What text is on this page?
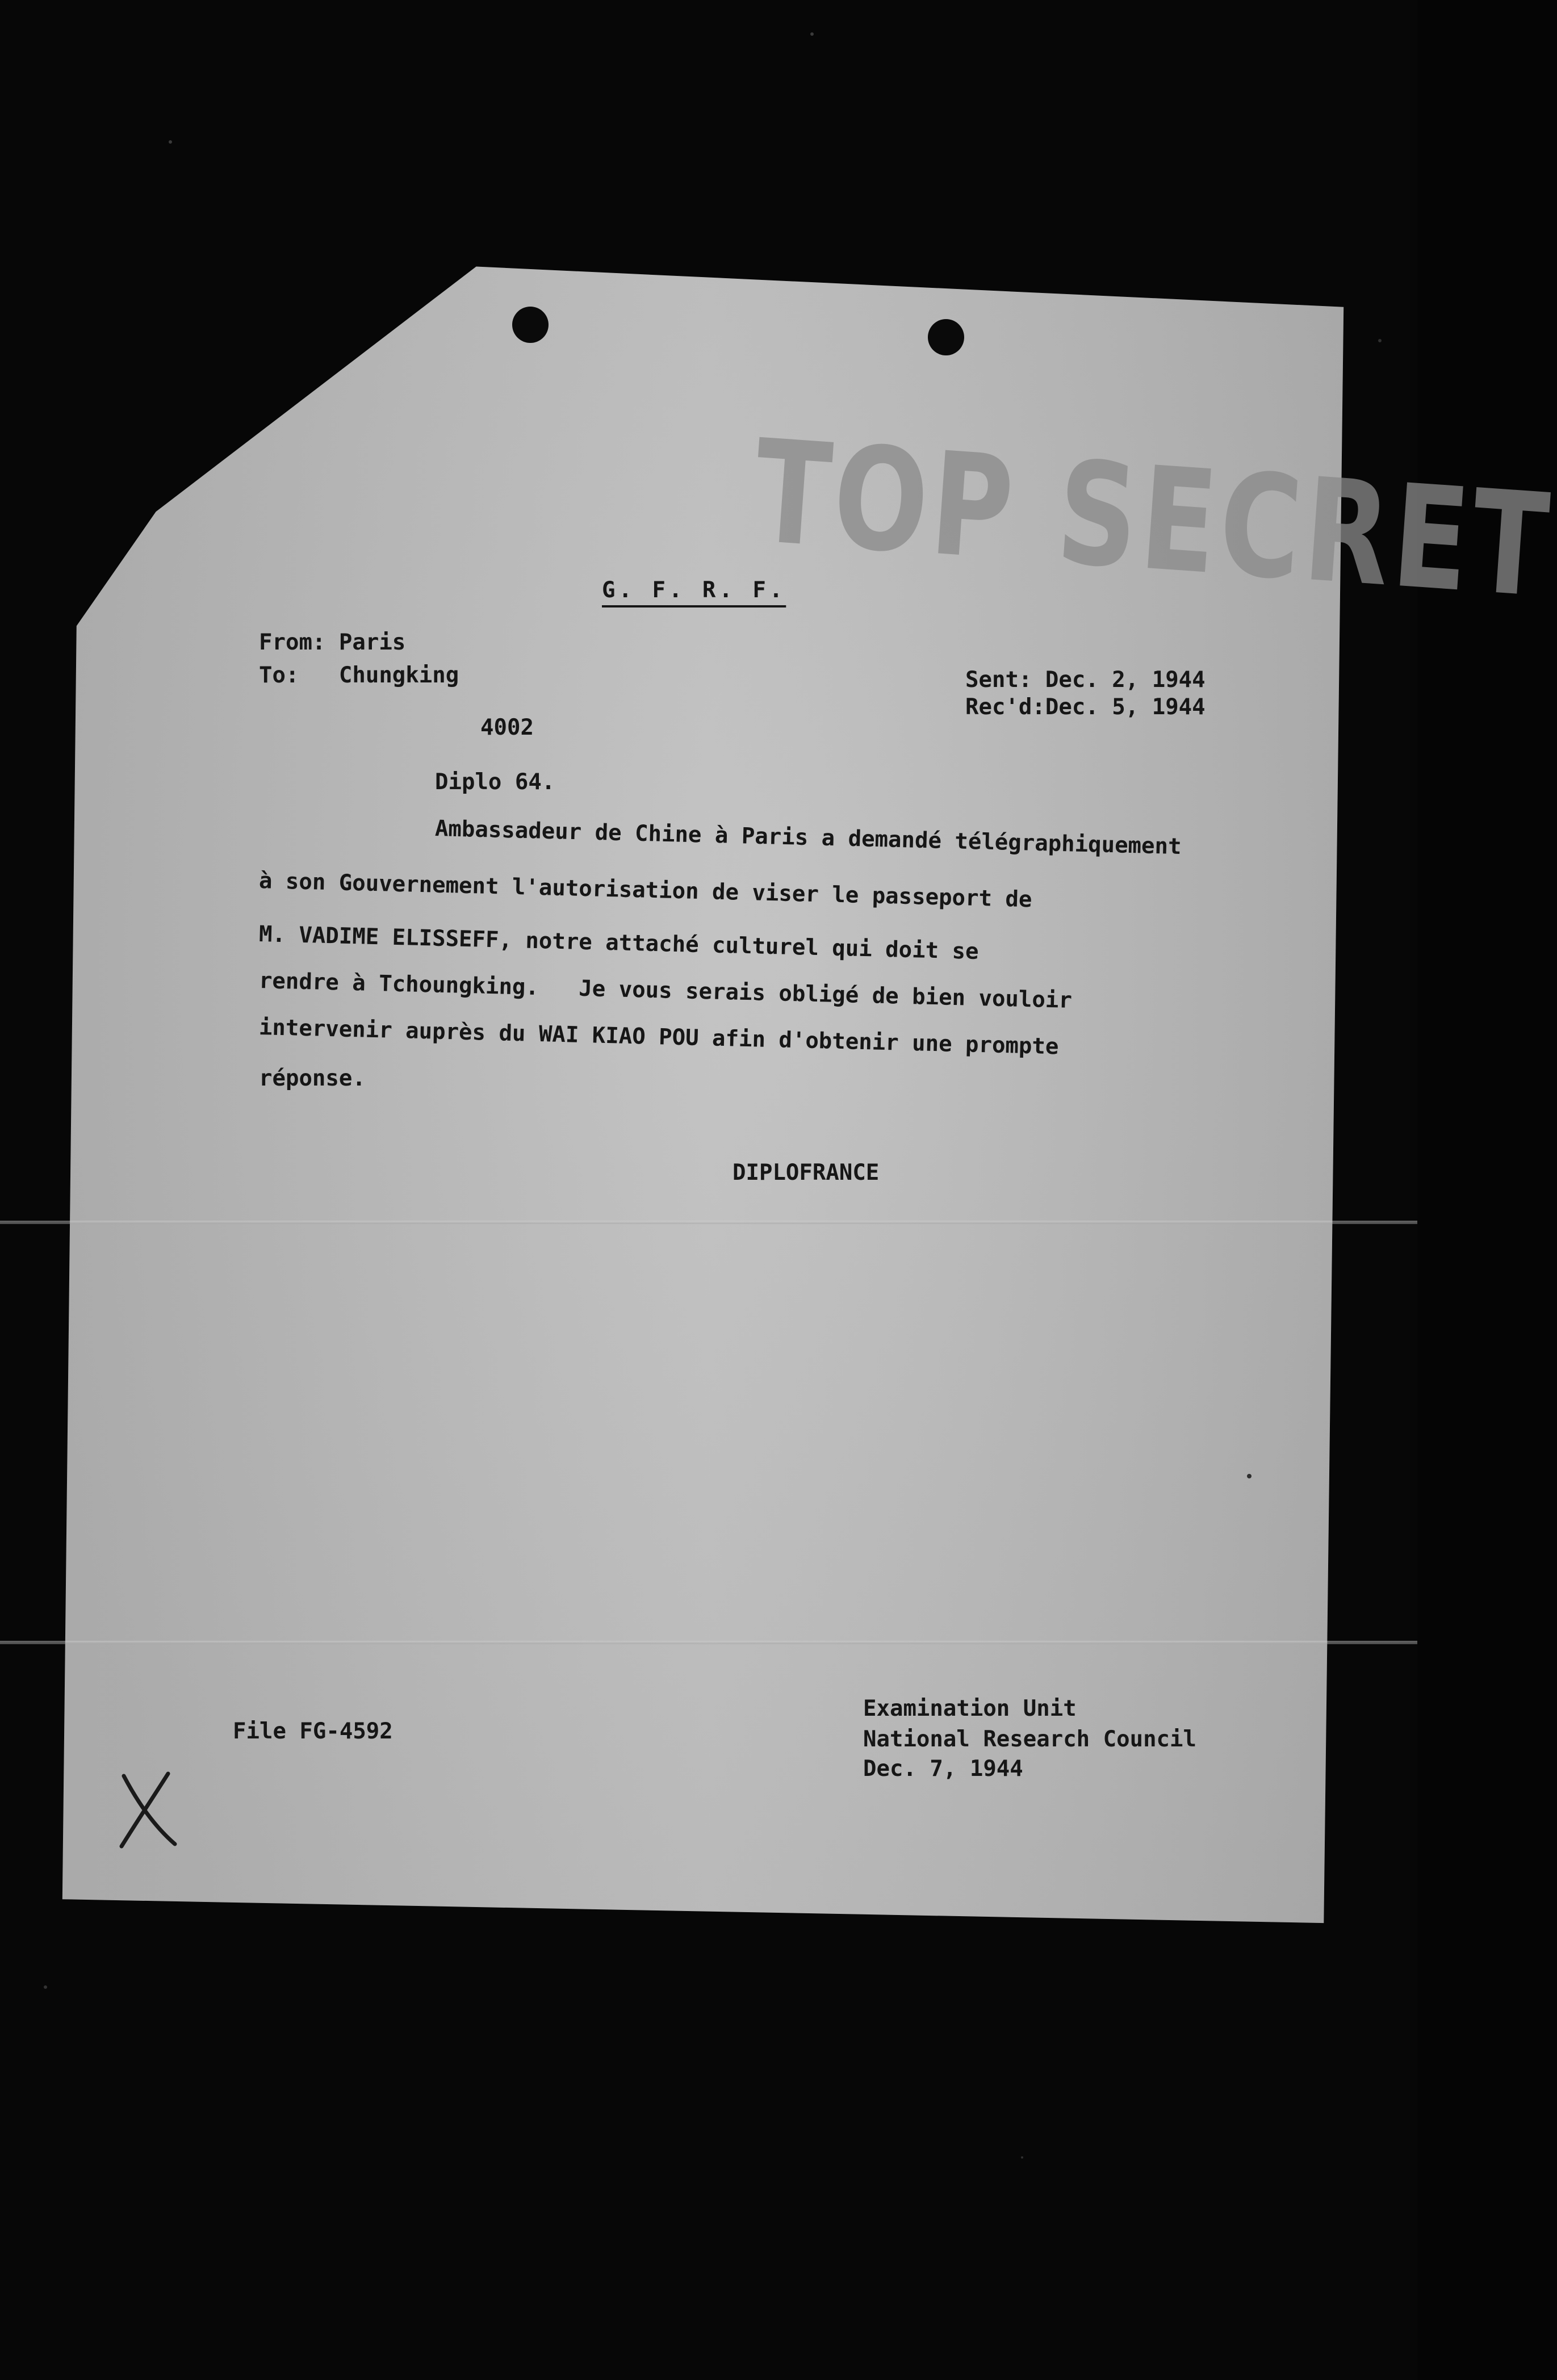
TOP SECRET
G. F. R. F.
From: Paris
To:   Chungking	Sent: Dec. 2, 1944
Rec'd:Dec. 5, 1944
4002
Diplo 64.
Ambassadeur de Chine à Paris a demandé télégraphiquement
à son Gouvernement l'autorisation de viser le passeport de
M. VADIME ELISSEFF, notre attaché culturel qui doit se
rendre à Tchoungking.   Je vous serais obligé de bien vouloir
intervenir auprès du WAI KIAO POU afin d'obtenir une prompte
réponse.
DIPLOFRANCE
File FG-4592
Examination Unit
National Research Council
Dec. 7, 1944
